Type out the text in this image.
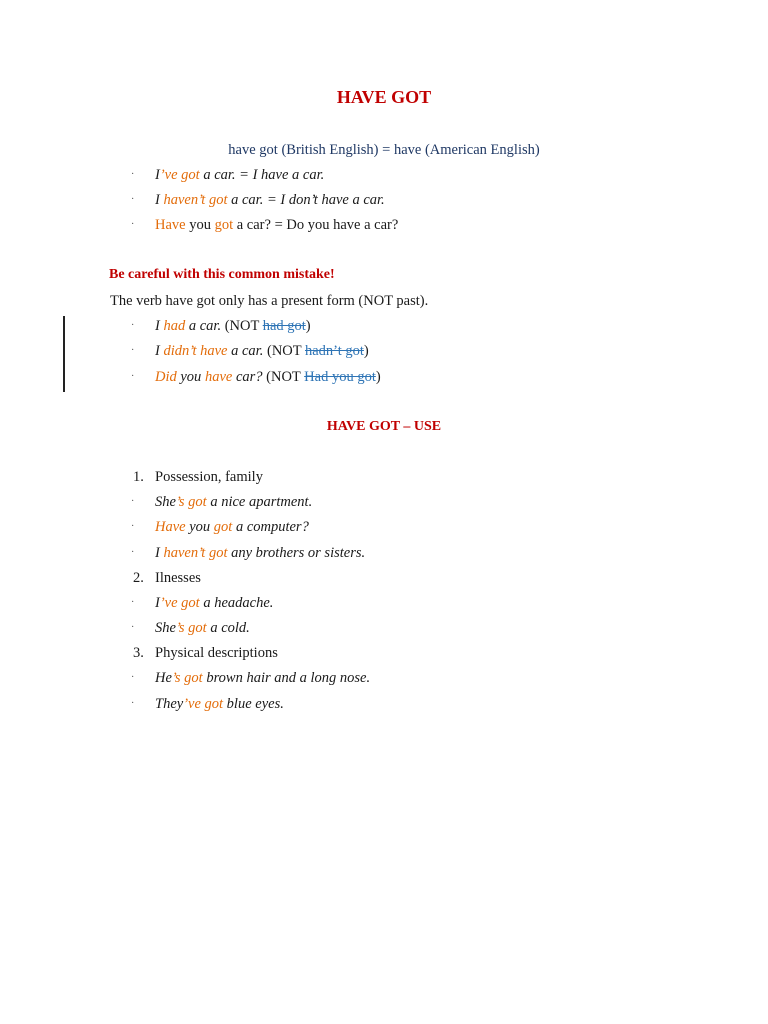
HAVE GOT
have got (British English) = have (American English)
· I’ve got a car. = I have a car.
· I haven’t got a car. = I don’t have a car.
· Have you got a car? = Do you have a car?
Be careful with this common mistake!
The verb have got only has a present form (NOT past).
· I had a car. (NOT had got)
· I didn’t have a car. (NOT hadn’t got)
· Did you have car? (NOT Had you got)
HAVE GOT – USE
1. Possession, family
· She’s got a nice apartment.
· Have you got a computer?
· I haven’t got any brothers or sisters.
2. Ilnesses
· I’ve got a headache.
· She’s got a cold.
3. Physical descriptions
· He’s got brown hair and a long nose.
· They’ve got blue eyes.
